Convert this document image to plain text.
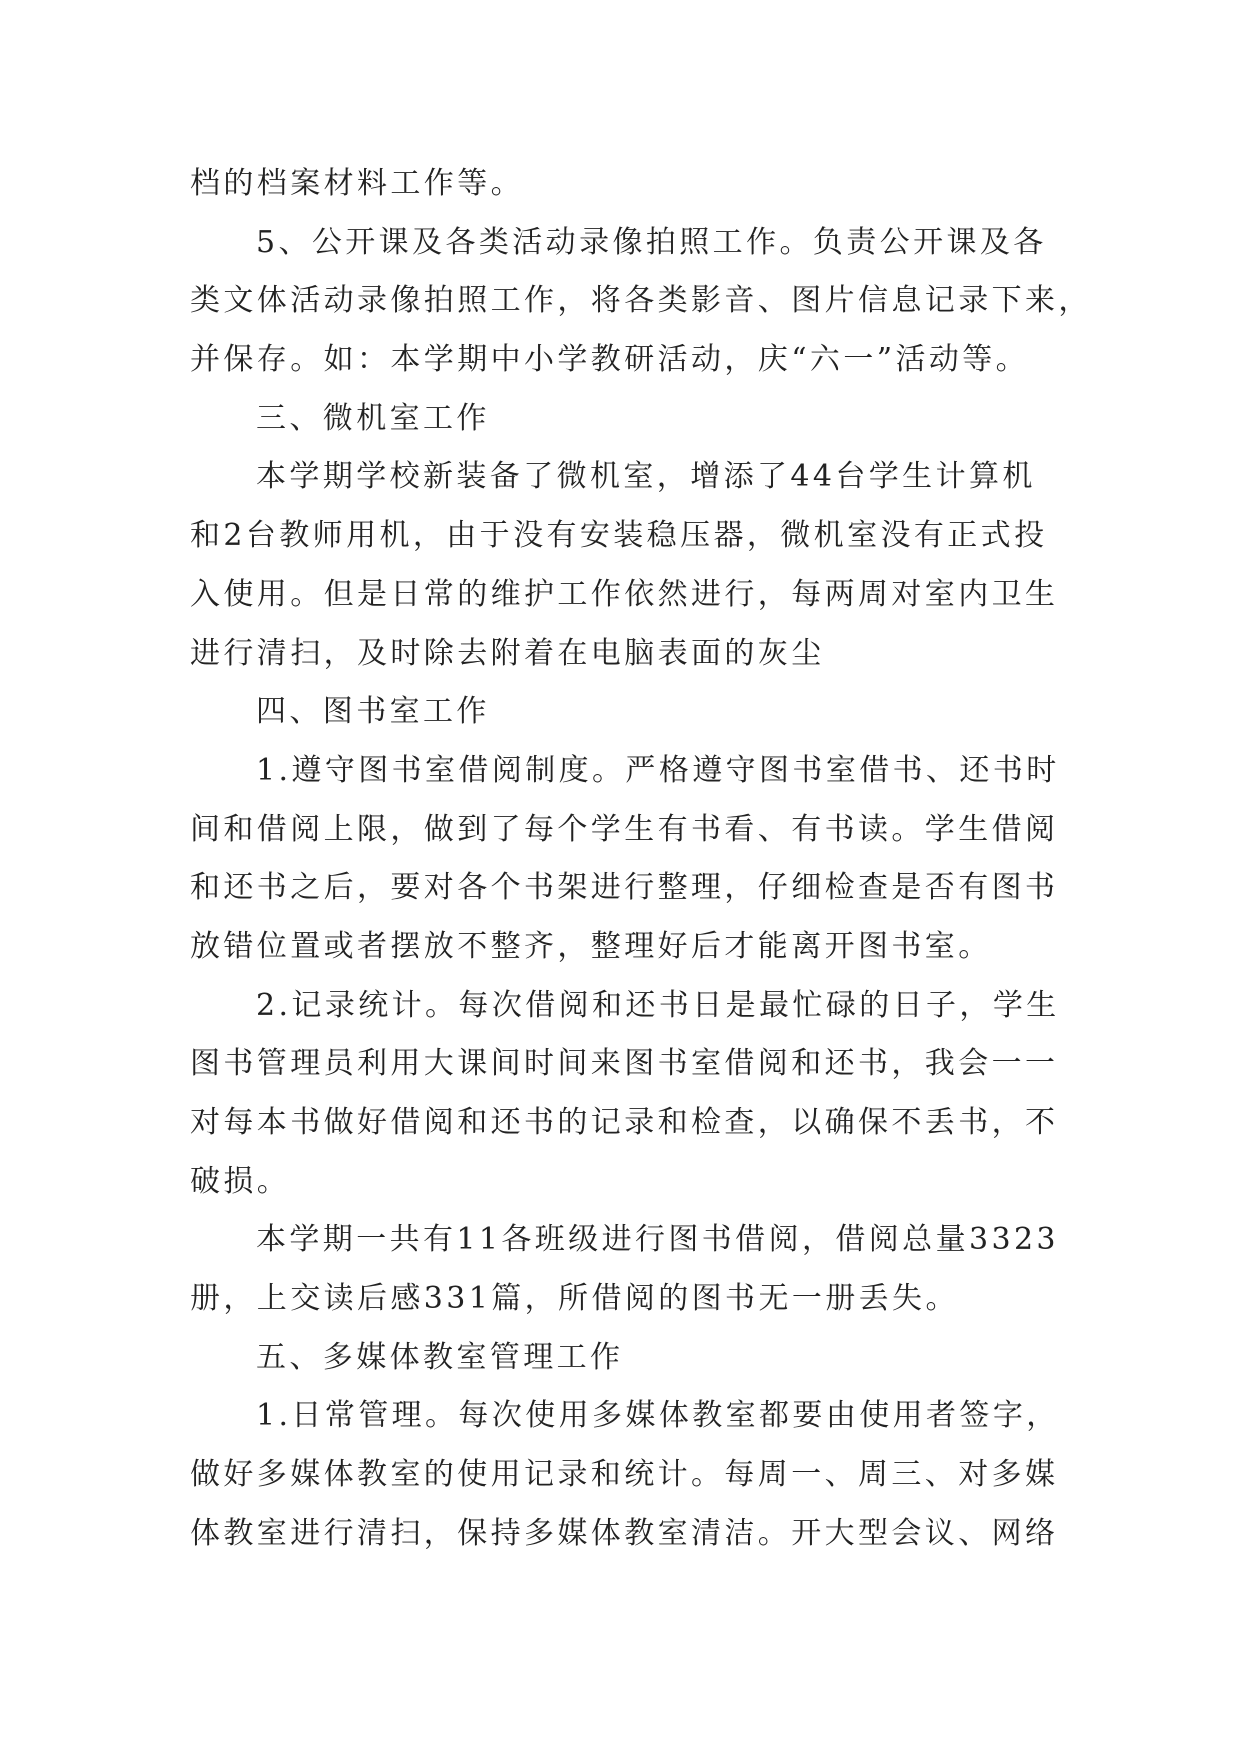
档的档案材料工作等。
5、公开课及各类活动录像拍照工作。负责公开课及各
类文体活动录像拍照工作，将各类影音、图片信息记录下来，
并保存。如：本学期中小学教研活动，庆“六一”活动等。
三、微机室工作
本学期学校新装备了微机室，增添了44台学生计算机
和2台教师用机，由于没有安装稳压器，微机室没有正式投
入使用。但是日常的维护工作依然进行，每两周对室内卫生
进行清扫，及时除去附着在电脑表面的灰尘
四、图书室工作
1.遵守图书室借阅制度。严格遵守图书室借书、还书时
间和借阅上限，做到了每个学生有书看、有书读。学生借阅
和还书之后，要对各个书架进行整理，仔细检查是否有图书
放错位置或者摆放不整齐，整理好后才能离开图书室。
2.记录统计。每次借阅和还书日是最忙碌的日子，学生
图书管理员利用大课间时间来图书室借阅和还书，我会一一
对每本书做好借阅和还书的记录和检查，以确保不丢书，不
破损。
本学期一共有11各班级进行图书借阅，借阅总量3323
册，上交读后感331篇，所借阅的图书无一册丢失。
五、多媒体教室管理工作
1.日常管理。每次使用多媒体教室都要由使用者签字，
做好多媒体教室的使用记录和统计。每周一、周三、对多媒
体教室进行清扫，保持多媒体教室清洁。开大型会议、网络
